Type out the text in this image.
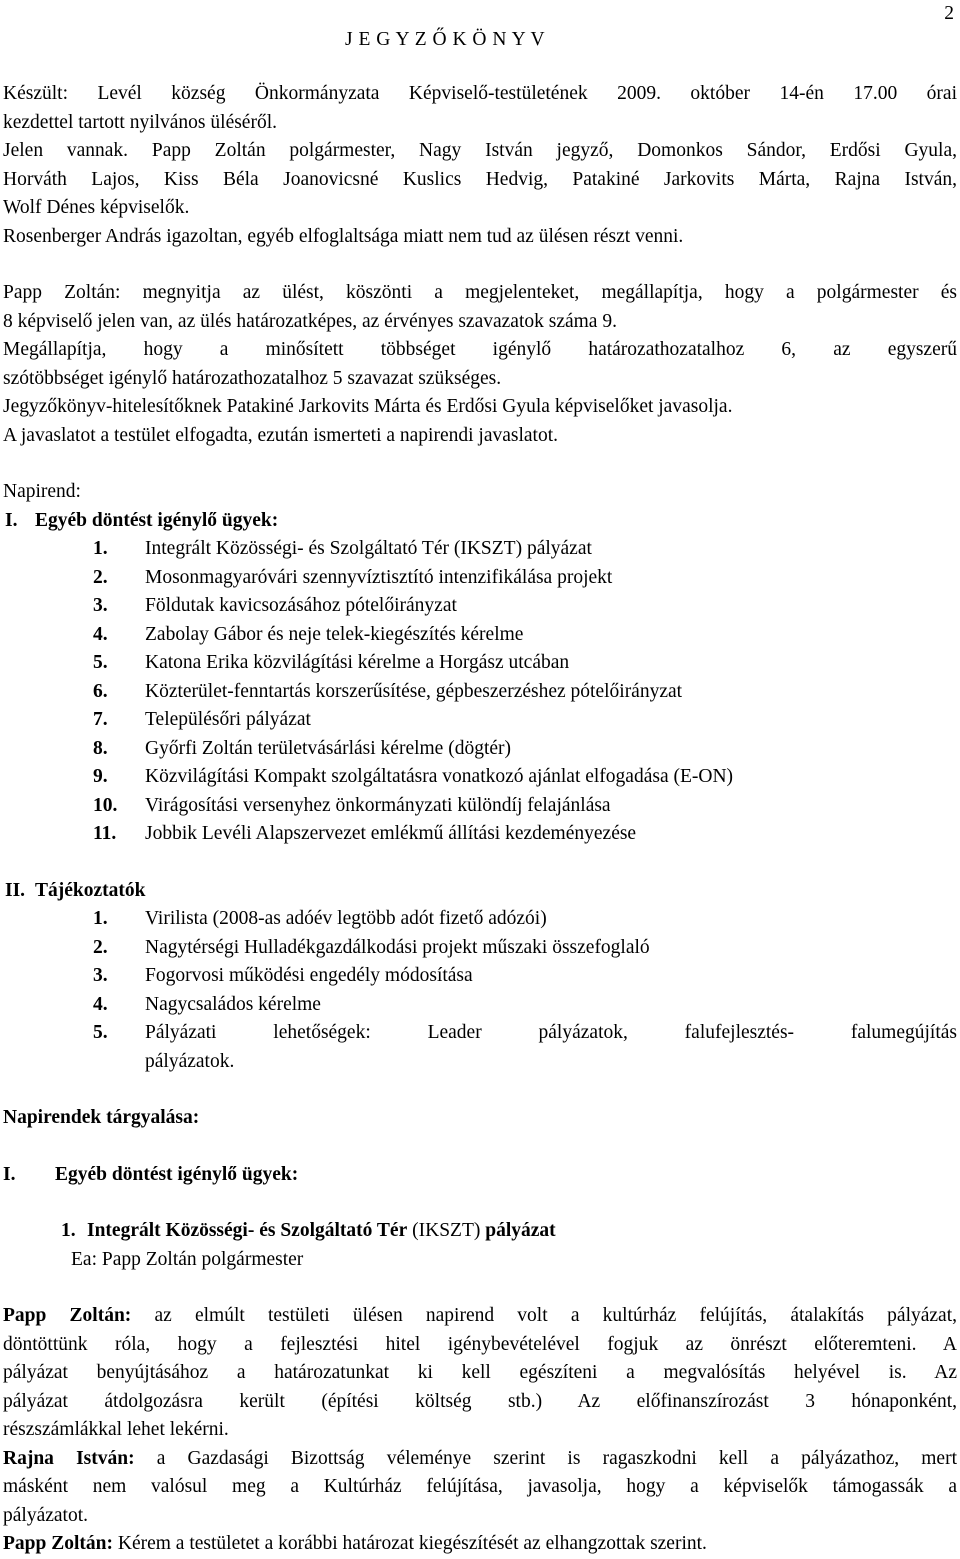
2
J E G Y Z Ő K Ö N Y V

Készült: Levél község Önkormányzata Képviselő-testületének 2009. október 14-én 17.00 órai

kezdettel tartott nyilvános üléséről.

Jelen vannak. Papp Zoltán polgármester, Nagy István jegyző, Domonkos Sándor, Erdősi Gyula,

Horváth Lajos, Kiss Béla Joanovicsné Kuslics Hedvig, Patakiné Jarkovits Márta, Rajna István,

Wolf Dénes képviselők.

Rosenberger András igazoltan, egyéb elfoglaltsága miatt nem tud az ülésen részt venni.

Papp Zoltán: megnyitja az ülést, köszönti a megjelenteket, megállapítja, hogy a polgármester és

8 képviselő jelen van, az ülés határozatképes, az érvényes szavazatok száma 9.

Megállapítja, hogy a minősített többséget igénylő határozathozatalhoz 6, az egyszerű

szótöbbséget igénylő határozathozatalhoz 5 szavazat szükséges.

Jegyzőkönyv-hitelesítőknek Patakiné Jarkovits Márta és Erdősi Gyula képviselőket javasolja.

A javaslatot a testület elfogadta, ezután ismerteti a napirendi javaslatot.

Napirend:

I. Egyéb döntést igénylő ügyek:

1. Integrált Közösségi- és Szolgáltató Tér (IKSZT) pályázat

2. Mosonmagyaróvári szennyvíztisztító intenzifikálása projekt

3. Földutak kavicsozásához pótelőirányzat

4. Zabolay Gábor és neje telek-kiegészítés kérelme

5. Katona Erika közvilágítási kérelme a Horgász utcában

6. Közterület-fenntartás korszerűsítése, gépbeszerzéshez pótelőirányzat

7. Településőri pályázat

8. Győrfi Zoltán területvásárlási kérelme (dögtér)

9. Közvilágítási Kompakt szolgáltatásra vonatkozó ajánlat elfogadása (E-ON)

10. Virágosítási versenyhez önkormányzati különdíj felajánlása

11. Jobbik Levéli Alapszervezet emlékmű állítási kezdeményezése

II. Tájékoztatók

1. Virilista (2008-as adóév legtöbb adót fizető adózói)

2. Nagytérségi Hulladékgazdálkodási projekt műszaki összefoglaló

3. Fogorvosi működési engedély módosítása

4. Nagycsaládos kérelme

5.	Pályázati lehetőségek: Leader pályázatok, falufejlesztés- falumegújítás

pályázatok.

Napirendek tárgyalása:

I. Egyéb döntést igénylő ügyek:

1. Integrált Közösségi- és Szolgáltató Tér (IKSZT) pályázat

Ea: Papp Zoltán polgármester

Papp Zoltán: az elmúlt testületi ülésen napirend volt a kultúrház felújítás, átalakítás pályázat,

döntöttünk róla, hogy a fejlesztési hitel igénybevételével fogjuk az önrészt előteremteni. A

pályázat benyújtásához a határozatunkat ki kell egészíteni a megvalósítás helyével is. Az

pályázat átdolgozásra került (építési költség stb.) Az előfinanszírozást 3 hónaponként,

részszámlákkal lehet lekérni.

Rajna István: a Gazdasági Bizottság véleménye szerint is ragaszkodni kell a pályázathoz, mert

másként nem valósul meg a Kultúrház felújítása, javasolja, hogy a képviselők támogassák a

pályázatot.

Papp Zoltán: Kérem a testületet a korábbi határozat kiegészítését az elhangzottak szerint.
